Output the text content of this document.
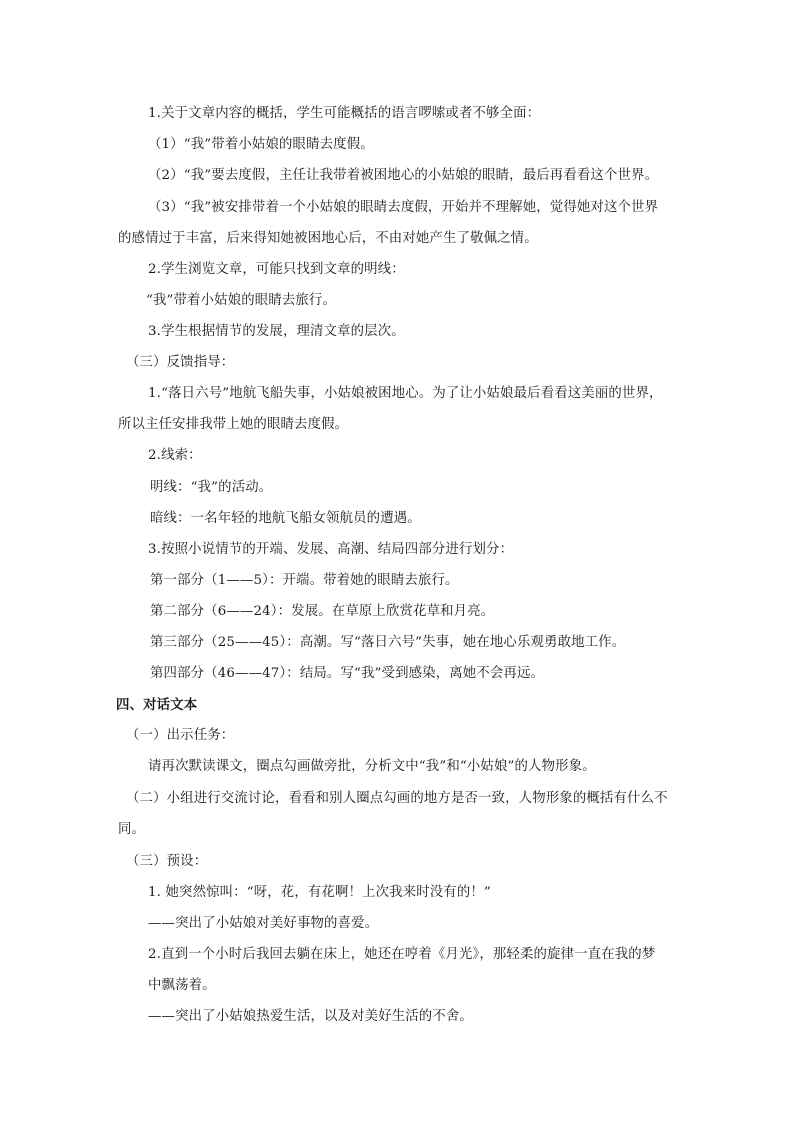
1.关于文章内容的概括，学生可能概括的语言啰嗦或者不够全面：
（1）“我”带着小姑娘的眼睛去度假。
（2）“我”要去度假，主任让我带着被困地心的小姑娘的眼睛，最后再看看这个世界。
（3）“我”被安排带着一个小姑娘的眼睛去度假，开始并不理解她，觉得她对这个世界
的感情过于丰富，后来得知她被困地心后，不由对她产生了敬佩之情。
2.学生浏览文章，可能只找到文章的明线：
“我”带着小姑娘的眼睛去旅行。
3.学生根据情节的发展，理清文章的层次。
（三）反馈指导：
1.“落日六号”地航飞船失事，小姑娘被困地心。为了让小姑娘最后看看这美丽的世界，
所以主任安排我带上她的眼睛去度假。
2.线索：
明线：“我”的活动。
暗线：一名年轻的地航飞船女领航员的遭遇。
3.按照小说情节的开端、发展、高潮、结局四部分进行划分：
第一部分（1——5）：开端。带着她的眼睛去旅行。
第二部分（6——24）：发展。在草原上欣赏花草和月亮。
第三部分（25——45）：高潮。写“落日六号”失事，她在地心乐观勇敢地工作。
第四部分（46——47）：结局。写“我”受到感染，离她不会再远。
四、对话文本
（一）出示任务：
请再次默读课文，圈点勾画做旁批，分析文中“我”和“小姑娘”的人物形象。
（二）小组进行交流讨论，看看和别人圈点勾画的地方是否一致，人物形象的概括有什么不
同。
（三）预设：
1. 她突然惊叫：“呀，花，有花啊！上次我来时没有的！”
——突出了小姑娘对美好事物的喜爱。
2.直到一个小时后我回去躺在床上，她还在哼着《月光》，那轻柔的旋律一直在我的梦
中飘荡着。
——突出了小姑娘热爱生活，以及对美好生活的不舍。
